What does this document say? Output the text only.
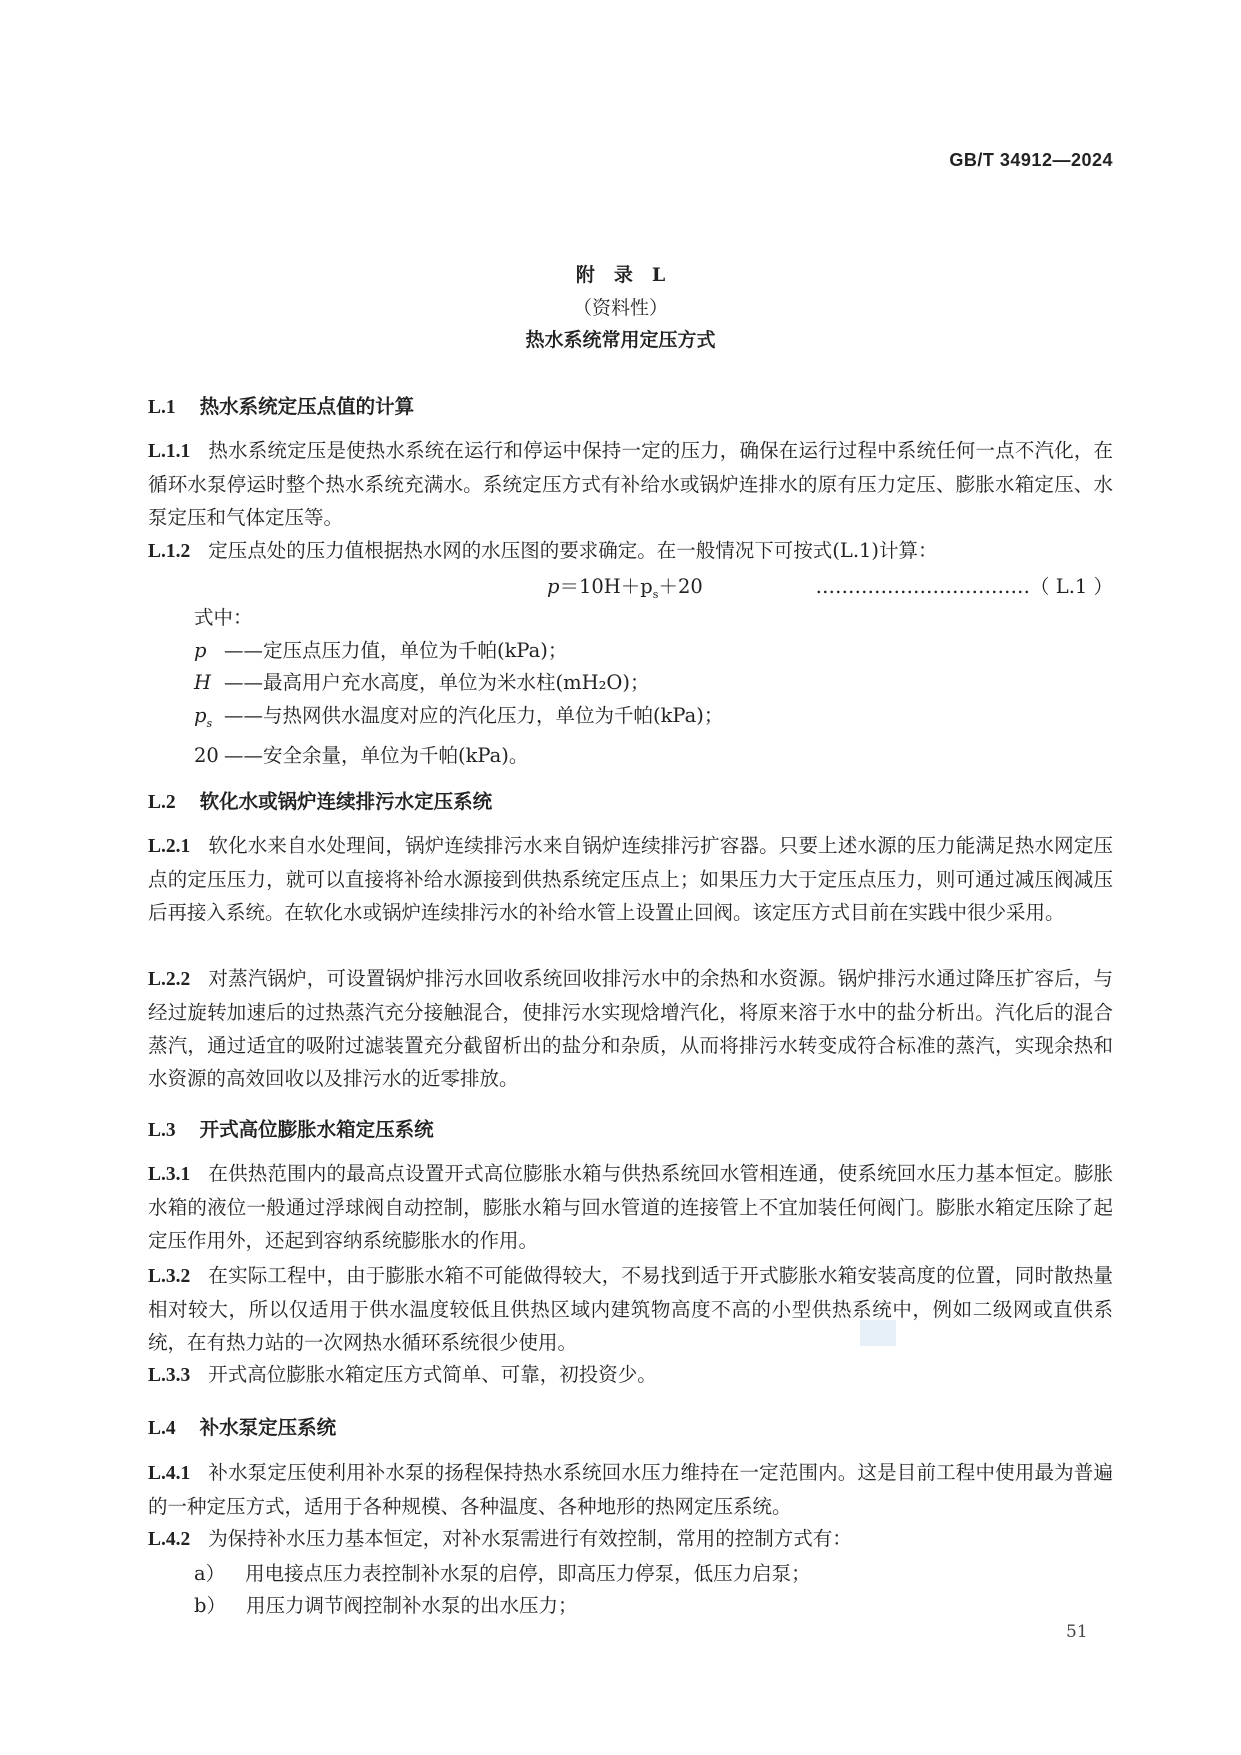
GB/T 34912—2024
附　录　L
（资料性）
热水系统常用定压方式
L.1 热水系统定压点值的计算
L.1.1 热水系统定压是使热水系统在运行和停运中保持一定的压力，确保在运行过程中系统任何一点不汽化，在循环水泵停运时整个热水系统充满水。系统定压方式有补给水或锅炉连排水的原有压力定压、膨胀水箱定压、水泵定压和气体定压等。
L.1.2 定压点处的压力值根据热水网的水压图的要求确定。在一般情况下可按式(L.1)计算：
$p=10H+p_s+20$	……………………………（ L.1 ）
式中：
p ——定压点压力值，单位为千帕(kPa)；
H ——最高用户充水高度，单位为米水柱(mH₂O)；
$p_s$ ——与热网供水温度对应的汽化压力，单位为千帕(kPa)；
20 ——安全余量，单位为千帕(kPa)。
L.2 软化水或锅炉连续排污水定压系统
L.2.1 软化水来自水处理间，锅炉连续排污水来自锅炉连续排污扩容器。只要上述水源的压力能满足热水网定压点的定压压力，就可以直接将补给水源接到供热系统定压点上；如果压力大于定压点压力，则可通过减压阀减压后再接入系统。在软化水或锅炉连续排污水的补给水管上设置止回阀。该定压方式目前在实践中很少采用。
L.2.2 对蒸汽锅炉，可设置锅炉排污水回收系统回收排污水中的余热和水资源。锅炉排污水通过降压扩容后，与经过旋转加速后的过热蒸汽充分接触混合，使排污水实现焓增汽化，将原来溶于水中的盐分析出。汽化后的混合蒸汽，通过适宜的吸附过滤装置充分截留析出的盐分和杂质，从而将排污水转变成符合标准的蒸汽，实现余热和水资源的高效回收以及排污水的近零排放。
L.3 开式高位膨胀水箱定压系统
L.3.1 在供热范围内的最高点设置开式高位膨胀水箱与供热系统回水管相连通，使系统回水压力基本恒定。膨胀水箱的液位一般通过浮球阀自动控制，膨胀水箱与回水管道的连接管上不宜加装任何阀门。膨胀水箱定压除了起定压作用外，还起到容纳系统膨胀水的作用。
L.3.2 在实际工程中，由于膨胀水箱不可能做得较大，不易找到适于开式膨胀水箱安装高度的位置，同时散热量相对较大，所以仅适用于供水温度较低且供热区域内建筑物高度不高的小型供热系统中，例如二级网或直供系统，在有热力站的一次网热水循环系统很少使用。
L.3.3 开式高位膨胀水箱定压方式简单、可靠，初投资少。
L.4 补水泵定压系统
L.4.1 补水泵定压使利用补水泵的扬程保持热水系统回水压力维持在一定范围内。这是目前工程中使用最为普遍的一种定压方式，适用于各种规模、各种温度、各种地形的热网定压系统。
L.4.2 为保持补水压力基本恒定，对补水泵需进行有效控制，常用的控制方式有：
a） 用电接点压力表控制补水泵的启停，即高压力停泵，低压力启泵；
b） 用压力调节阀控制补水泵的出水压力；
51
